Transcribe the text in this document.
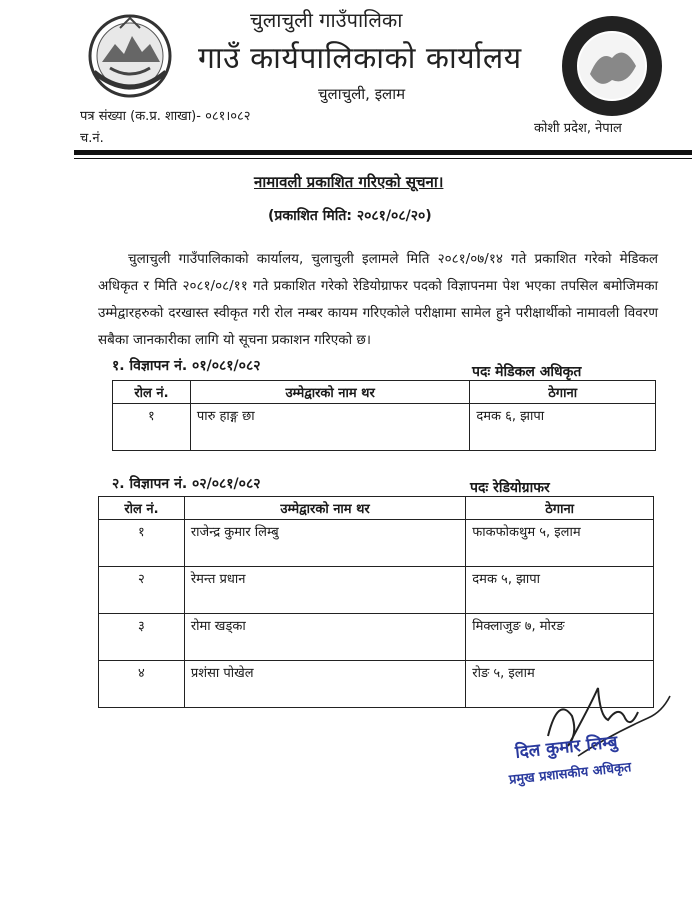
चुलाचुली गाउँपालिका
गाउँ कार्यपालिकाको कार्यालय
चुलाचुली, इलाम
पत्र संख्या (क.प्र. शाखा)- ०८१।०८२
च.नं.
कोशी प्रदेश, नेपाल
नामावली प्रकाशित गरिएको सूचना।
(प्रकाशित मिति: २०८१/०८/२०)
चुलाचुली गाउँपालिकाको कार्यालय, चुलाचुली इलामले मिति २०८१/०७/१४ गते प्रकाशित गरेको मेडिकल अधिकृत र मिति २०८१/०८/११ गते प्रकाशित गरेको रेडियोग्राफर पदको विज्ञापनमा पेश भएका तपसिल बमोजिमका उम्मेद्वारहरुको दरखास्त स्वीकृत गरी रोल नम्बर कायम गरिएकोले परीक्षामा सामेल हुने परीक्षार्थीको नामावली विवरण सबैका जानकारीका लागि यो सूचना प्रकाशन गरिएको छ।
१. विज्ञापन नं. ०१/०८१/०८२	पदः मेडिकल अधिकृत
रोल नं.	उम्मेद्वारको नाम थर	ठेगाना
१	पारु हाङ्ग छा	दमक ६, झापा
२. विज्ञापन नं. ०२/०८१/०८२	पदः रेडियोग्राफर
रोल नं.	उम्मेद्वारको नाम थर	ठेगाना
१	राजेन्द्र कुमार लिम्बु	फाकफोकथुम ५, इलाम
२	रेमन्त प्रधान	दमक ५, झापा
३	रोमा खड्का	मिक्लाजुङ ७, मोरङ
४	प्रशंसा पोखेल	रोङ ५, इलाम
दिल कुमार लिम्बु
प्रमुख प्रशासकीय अधिकृत
